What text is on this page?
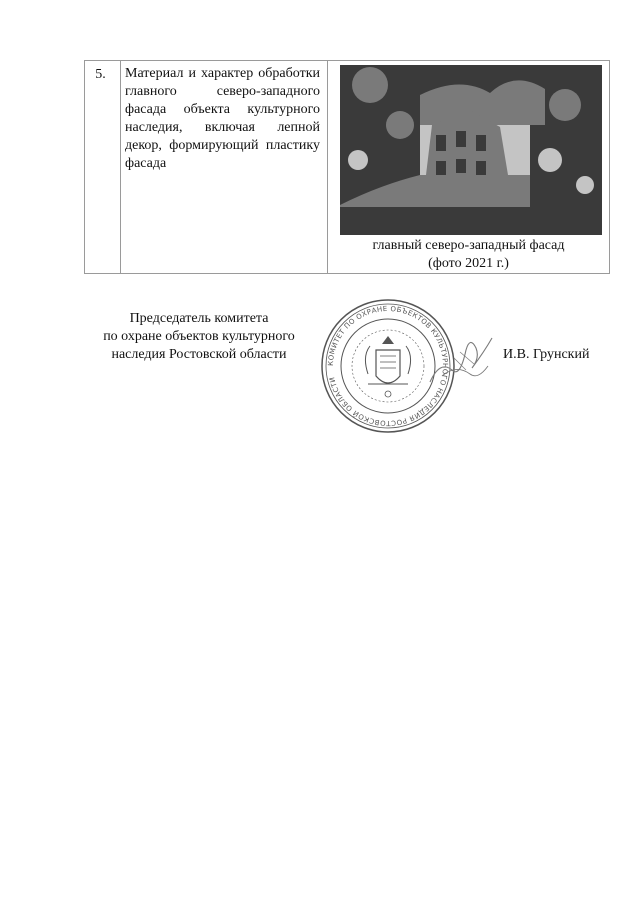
5.	Материал и характер обработки главного северо-западного фасада объекта культурного наследия, включая лепной декор, формирующий пластику фасада

главный северо-западный фасад
(фото 2021 г.)
Председатель комитета
по охране объектов культурного
наследия Ростовской области
КОМИТЕТ ПО ОХРАНЕ ОБЪЕКТОВ КУЛЬТУРНОГО НАСЛЕДИЯ РОСТОВСКОЙ ОБЛАСТИ
И.В. Грунский
